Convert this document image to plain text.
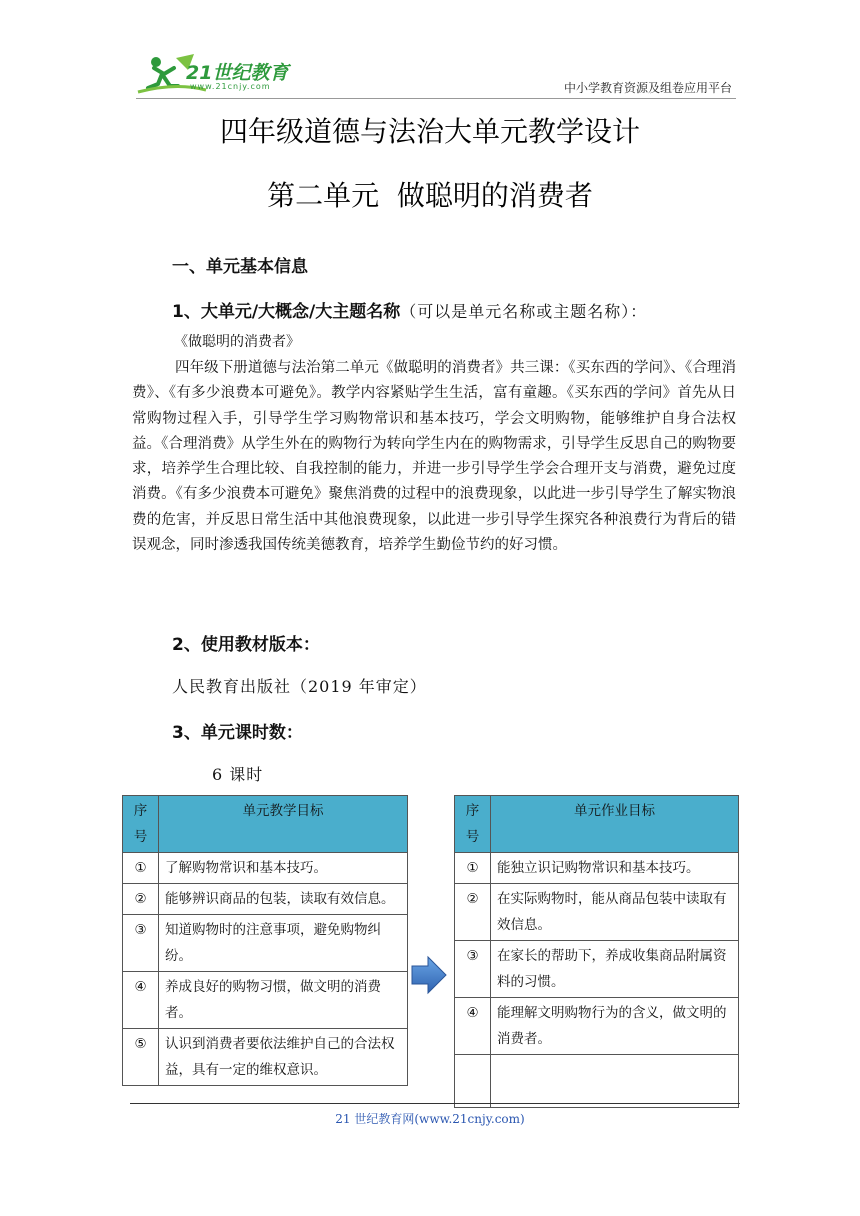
21世纪教育
www.21cnjy.com	中小学教育资源及组卷应用平台
四年级道德与法治大单元教学设计
第二单元  做聪明的消费者
一、单元基本信息
1、大单元/大概念/大主题名称（可以是单元名称或主题名称）：
《做聪明的消费者》
四年级下册道德与法治第二单元《做聪明的消费者》共三课：《买东西的学问》、《合理消费》、《有多少浪费本可避免》。教学内容紧贴学生生活，富有童趣。《买东西的学问》首先从日常购物过程入手，引导学生学习购物常识和基本技巧，学会文明购物，能够维护自身合法权益。《合理消费》从学生外在的购物行为转向学生内在的购物需求，引导学生反思自己的购物要求，培养学生合理比较、自我控制的能力，并进一步引导学生学会合理开支与消费，避免过度消费。《有多少浪费本可避免》聚焦消费的过程中的浪费现象，以此进一步引导学生了解实物浪费的危害，并反思日常生活中其他浪费现象，以此进一步引导学生探究各种浪费行为背后的错误观念，同时渗透我国传统美德教育，培养学生勤俭节约的好习惯。
2、使用教材版本：
人民教育出版社（2019 年审定）
3、单元课时数：
6 课时
序号	单元教学目标
①	了解购物常识和基本技巧。
②	能够辨识商品的包装，读取有效信息。
③	知道购物时的注意事项，避免购物纠纷。
④	养成良好的购物习惯，做文明的消费者。
⑤	认识到消费者要依法维护自己的合法权益，具有一定的维权意识。
序号	单元作业目标
①	能独立识记购物常识和基本技巧。
②	在实际购物时，能从商品包装中读取有效信息。
③	在家长的帮助下，养成收集商品附属资料的习惯。
④	能理解文明购物行为的含义，做文明的消费者。

21 世纪教育网(www.21cnjy.com)
